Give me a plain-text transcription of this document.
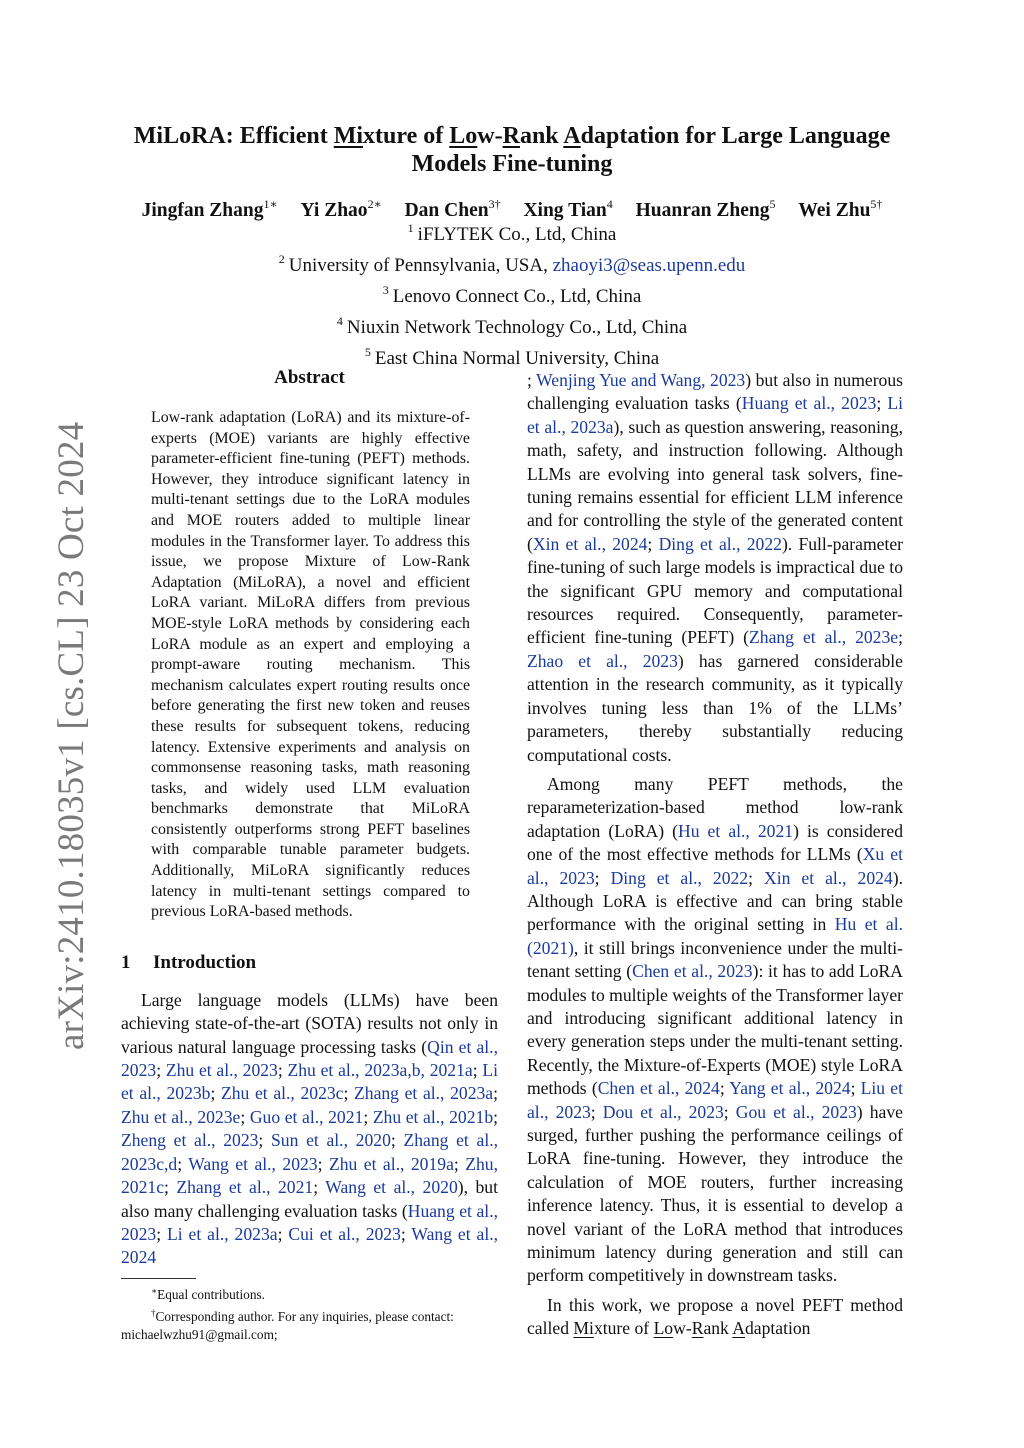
arXiv:2410.18035v1 [cs.CL] 23 Oct 2024
MiLoRA: Efficient Mixture of Low-Rank Adaptation for Large Language Models Fine-tuning
Jingfan Zhang$^{1∗}$ Yi Zhao$^{2∗}$ Dan Chen$^{3\dagger}$ Xing Tian$^4$ Huanran Zheng$^5$ Wei Zhu$^{5\dagger}$
$^1$ iFLYTEK Co., Ltd, China
$^2$ University of Pennsylvania, USA, zhaoyi3@seas.upenn.edu
$^3$ Lenovo Connect Co., Ltd, China
$^4$ Niuxin Network Technology Co., Ltd, China
$^5$ East China Normal University, China
Abstract

Low-rank adaptation (LoRA) and its mixture-of-experts (MOE) variants are highly effective parameter-efficient fine-tuning (PEFT) methods. However, they introduce significant latency in multi-tenant settings due to the LoRA modules and MOE routers added to multiple linear modules in the Transformer layer. To address this issue, we propose Mixture of Low-Rank Adaptation (MiLoRA), a novel and efficient LoRA variant. MiLoRA differs from previous MOE-style LoRA methods by considering each LoRA module as an expert and employing a prompt-aware routing mechanism. This mechanism calculates expert routing results once before generating the first new token and reuses these results for subsequent tokens, reducing latency. Extensive experiments and analysis on commonsense reasoning tasks, math reasoning tasks, and widely used LLM evaluation benchmarks demonstrate that MiLoRA consistently outperforms strong PEFT baselines with comparable tunable parameter budgets. Additionally, MiLoRA significantly reduces latency in multi-tenant settings compared to previous LoRA-based methods.

1 Introduction

Large language models (LLMs) have been achieving state-of-the-art (SOTA) results not only in various natural language processing tasks (Qin et al., 2023; Zhu et al., 2023; Zhu et al., 2023a,b, 2021a; Li et al., 2023b; Zhu et al., 2023c; Zhang et al., 2023a; Zhu et al., 2023e; Guo et al., 2021; Zhu et al., 2021b; Zheng et al., 2023; Sun et al., 2020; Zhang et al., 2023c,d; Wang et al., 2023; Zhu et al., 2019a; Zhu, 2021c; Zhang et al., 2021; Wang et al., 2020), but also many challenging evaluation tasks (Huang et al., 2023; Li et al., 2023a; Cui et al., 2023; Wang et al., 2024

∗Equal contributions.

†Corresponding author. For any inquiries, please contact:

michaelwzhu91@gmail.com;

; Wenjing Yue and Wang, 2023) but also in numerous challenging evaluation tasks (Huang et al., 2023; Li et al., 2023a), such as question answering, reasoning, math, safety, and instruction following. Although LLMs are evolving into general task solvers, fine-tuning remains essential for efficient LLM inference and for controlling the style of the generated content (Xin et al., 2024; Ding et al., 2022). Full-parameter fine-tuning of such large models is impractical due to the significant GPU memory and computational resources required. Consequently, parameter-efficient fine-tuning (PEFT) (Zhang et al., 2023e; Zhao et al., 2023) has garnered considerable attention in the research community, as it typically involves tuning less than 1% of the LLMs’ parameters, thereby substantially reducing computational costs.

Among many PEFT methods, the reparameterization-based method low-rank adaptation (LoRA) (Hu et al., 2021) is considered one of the most effective methods for LLMs (Xu et al., 2023; Ding et al., 2022; Xin et al., 2024). Although LoRA is effective and can bring stable performance with the original setting in Hu et al. (2021), it still brings inconvenience under the multi-tenant setting (Chen et al., 2023): it has to add LoRA modules to multiple weights of the Transformer layer and introducing significant additional latency in every generation steps under the multi-tenant setting. Recently, the Mixture-of-Experts (MOE) style LoRA methods (Chen et al., 2024; Yang et al., 2024; Liu et al., 2023; Dou et al., 2023; Gou et al., 2023) have surged, further pushing the performance ceilings of LoRA fine-tuning. However, they introduce the calculation of MOE routers, further increasing inference latency. Thus, it is essential to develop a novel variant of the LoRA method that introduces minimum latency during generation and still can perform competitively in downstream tasks.

In this work, we propose a novel PEFT method called Mixture of Low-Rank Adaptation
